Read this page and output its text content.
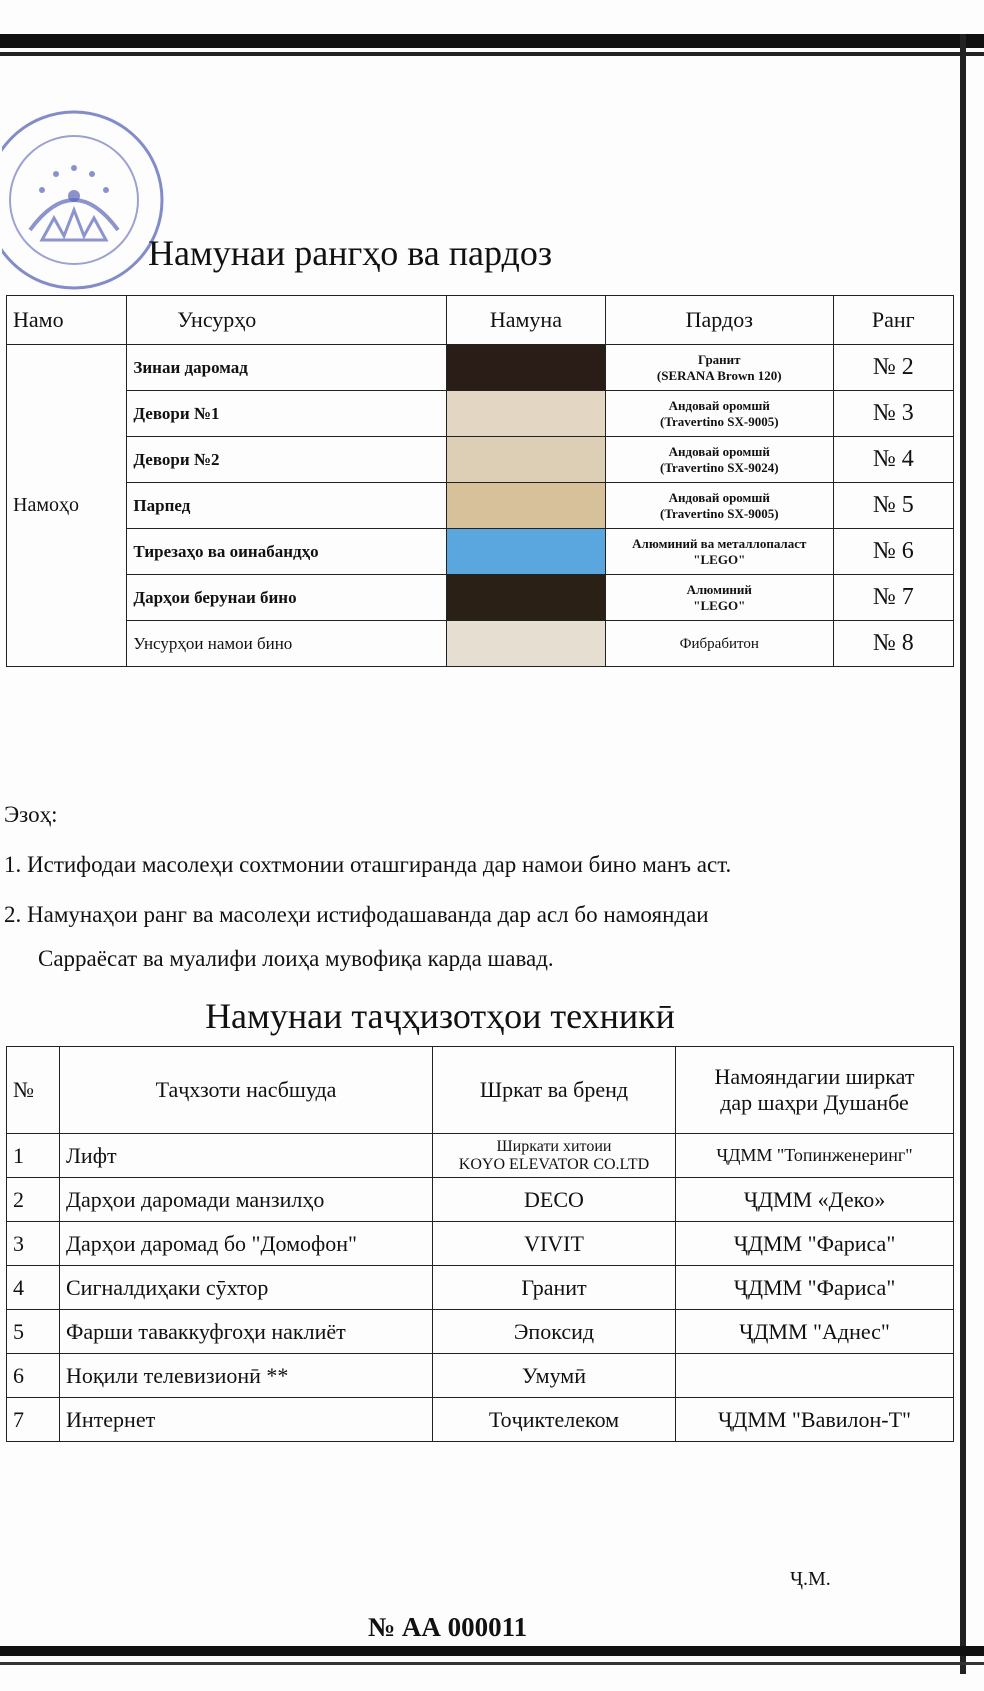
Намунаи рангҳо ва пардоз
Намо	Унсурҳо	Намуна	Пардоз	Ранг
Намоҳо	Зинаи даромад		Гранит
(SERANA Brown 120)	№ 2
	Девори №1		Андовай оромшй
(Travertino SX-9005)	№ 3
	Девори №2		Андовай оромшй
(Travertino SX-9024)	№ 4
	Парпед		Андовай оромшй
(Travertino SX-9005)	№ 5
	Тирезаҳо ва оинабандҳо		Алюминий ва металлопаласт
"LEGO"	№ 6
	Дарҳои берунаи бино		Алюминий
"LEGO"	№ 7
	Унсурҳои намои бино		Фибрабитон	№ 8

Эзоҳ:

1. Истифодаи масолеҳи сохтмонии оташгиранда дар намои бино манъ аст.

2. Намунаҳои ранг ва масолеҳи истифодашаванда дар асл бо намояндаи

Сарраёсат ва муалифи лоиҳа мувофиқа карда шавад.

Намунаи таҷҳизотҳои техникӣ
№	Таҷхзоти насбшуда	Шркат ва бренд	Намояндагии ширкат
дар шаҳри Душанбе
1	Лифт	Ширкати хитоии
KOYO ELEVATOR CO.LTD	ҶДММ "Топинженеринг"
2	Дарҳои даромади манзилҳо	DECO	ҶДММ «Деко»
3	Дарҳои даромад бо "Домофон"	VIVIT	ҶДММ "Фариса"
4	Сигналдиҳаки сӯхтор	Гранит	ҶДММ "Фариса"
5	Фарши таваккуфгоҳи наклиёт	Эпоксид	ҶДММ "Аднес"
6	Ноқили телевизионӣ **	Умумӣ	
7	Интернет	Тоҷиктелеком	ҶДММ "Вавилон-Т"
Ҷ.М.
№ АА 000011
